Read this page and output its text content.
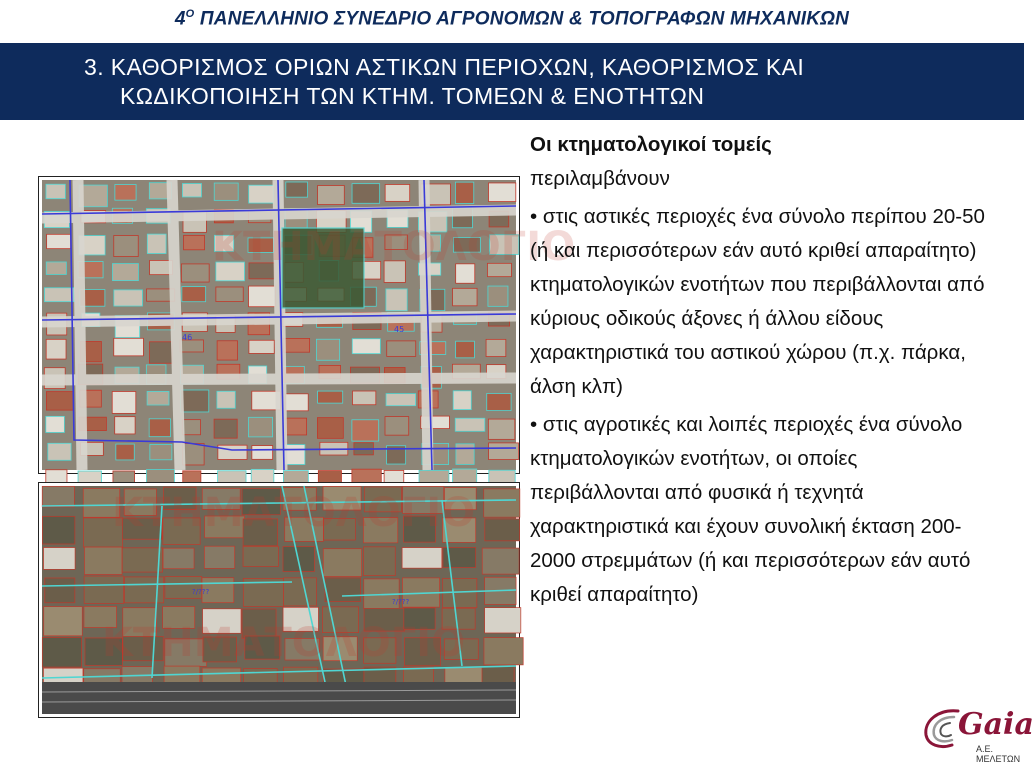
$4^O$ ΠΑΝΕΛΛΗΝΙΟ ΣΥΝΕΔΡΙΟ ΑΓΡΟΝΟΜΩΝ & ΤΟΠΟΓΡΑΦΩΝ ΜΗΧΑΝΙΚΩΝ
3. ΚΑΘΟΡΙΣΜΟΣ ΟΡΙΩΝ ΑΣΤΙΚΩΝ ΠΕΡΙΟΧΩΝ, ΚΑΘΟΡΙΣΜΟΣ ΚΑΙ
ΚΩΔΙΚΟΠΟΙΗΣΗ ΤΩΝ ΚΤΗΜ. ΤΟΜΕΩΝ & ΕΝΟΤΗΤΩΝ
ΚΤΗΜΑΤΟΛΟΓΙΟ
46
45
ΚΤΗΜΑΤΟΛΟΓΙΟ
ΚΤΗΜΑΤΟΛΟΓΙΟ
?/???
?/???

Οι κτηματολογικοί τομείς

περιλαμβάνουν

• στις αστικές περιοχές ένα σύνολο περίπου 20-50 (ή και περισσότερων εάν αυτό κριθεί απαραίτητο) κτηματολογικών ενοτήτων που περιβάλλονται από κύριους οδικούς άξονες ή άλλου είδους χαρακτηριστικά του αστικού χώρου (π.χ. πάρκα, άλση κλπ)

• στις αγροτικές και λοιπές περιοχές ένα σύνολο κτηματολογικών ενοτήτων, οι οποίες περιβάλλονται από φυσικά ή τεχνητά χαρακτηριστικά και έχουν συνολική έκταση 200-2000 στρεμμάτων (ή και περισσότερων εάν αυτό κριθεί απαραίτητο)

Gaia
Α.Ε. ΜΕΛΕΤΩΝ
